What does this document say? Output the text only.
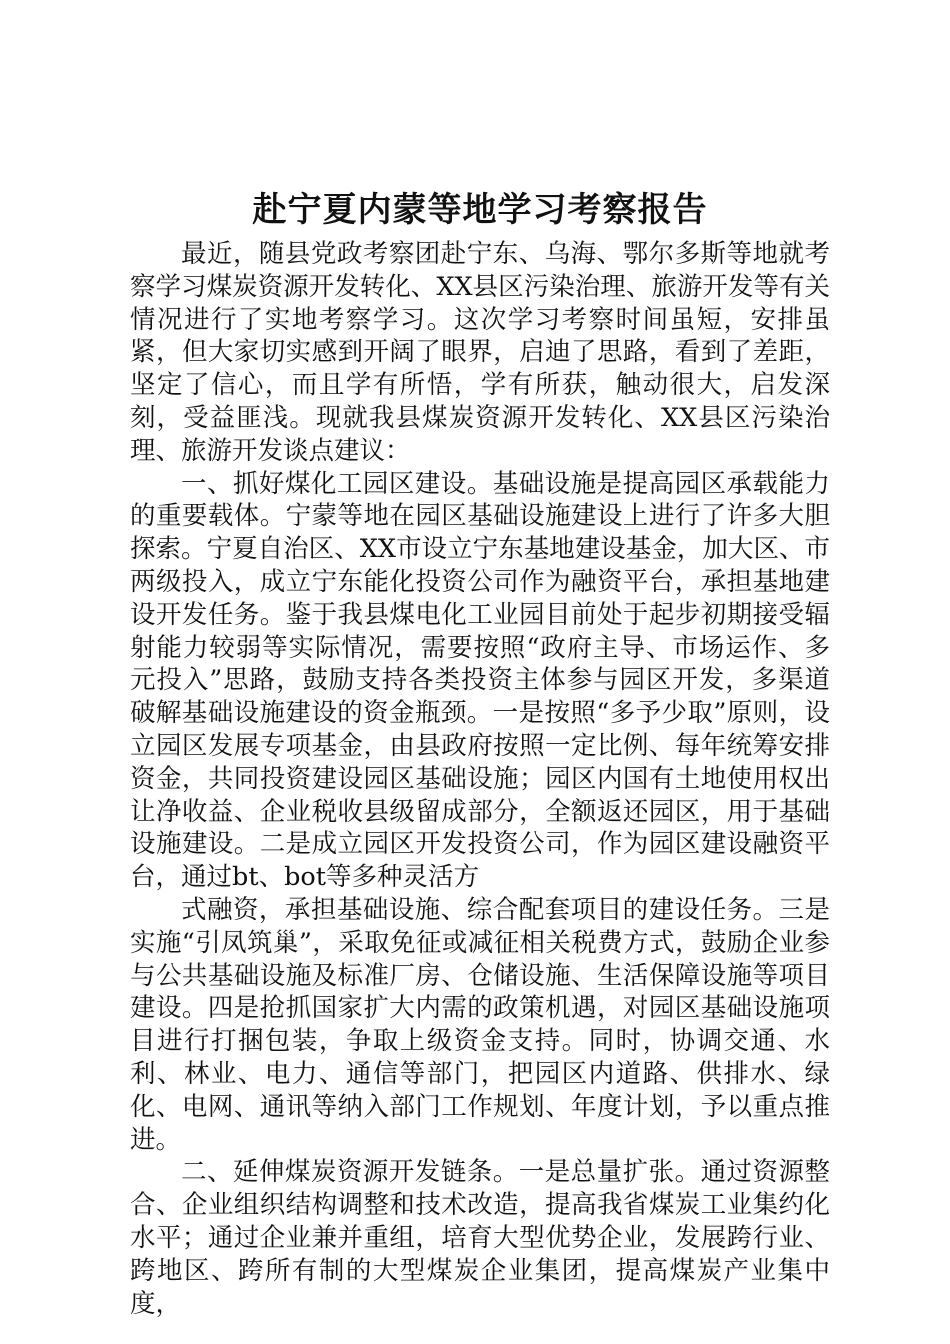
赴宁夏内蒙等地学习考察报告

最近，随县党政考察团赴宁东、乌海、鄂尔多斯等地就考察学习煤炭资源开发转化、XX县区污染治理、旅游开发等有关情况进行了实地考察学习。这次学习考察时间虽短，安排虽紧，但大家切实感到开阔了眼界，启迪了思路，看到了差距，坚定了信心，而且学有所悟，学有所获，触动很大，启发深刻，受益匪浅。现就我县煤炭资源开发转化、XX县区污染治理、旅游开发谈点建议：

一、抓好煤化工园区建设。基础设施是提高园区承载能力的重要载体。宁蒙等地在园区基础设施建设上进行了许多大胆探索。宁夏自治区、XX市设立宁东基地建设基金，加大区、市两级投入，成立宁东能化投资公司作为融资平台，承担基地建设开发任务。鉴于我县煤电化工业园目前处于起步初期接受辐射能力较弱等实际情况，需要按照“政府主导、市场运作、多元投入”思路，鼓励支持各类投资主体参与园区开发，多渠道破解基础设施建设的资金瓶颈。一是按照“多予少取”原则，设立园区发展专项基金，由县政府按照一定比例、每年统筹安排资金，共同投资建设园区基础设施；园区内国有土地使用权出让净收益、企业税收县级留成部分，全额返还园区，用于基础设施建设。二是成立园区开发投资公司，作为园区建设融资平台，通过bt、bot等多种灵活方

式融资，承担基础设施、综合配套项目的建设任务。三是实施“引凤筑巢”，采取免征或减征相关税费方式，鼓励企业参与公共基础设施及标准厂房、仓储设施、生活保障设施等项目建设。四是抢抓国家扩大内需的政策机遇，对园区基础设施项目进行打捆包装，争取上级资金支持。同时，协调交通、水利、林业、电力、通信等部门，把园区内道路、供排水、绿化、电网、通讯等纳入部门工作规划、年度计划，予以重点推进。

二、延伸煤炭资源开发链条。一是总量扩张。通过资源整合、企业组织结构调整和技术改造，提高我省煤炭工业集约化水平；通过企业兼并重组，培育大型优势企业，发展跨行业、跨地区、跨所有制的大型煤炭企业集团，提高煤炭产业集中度，
